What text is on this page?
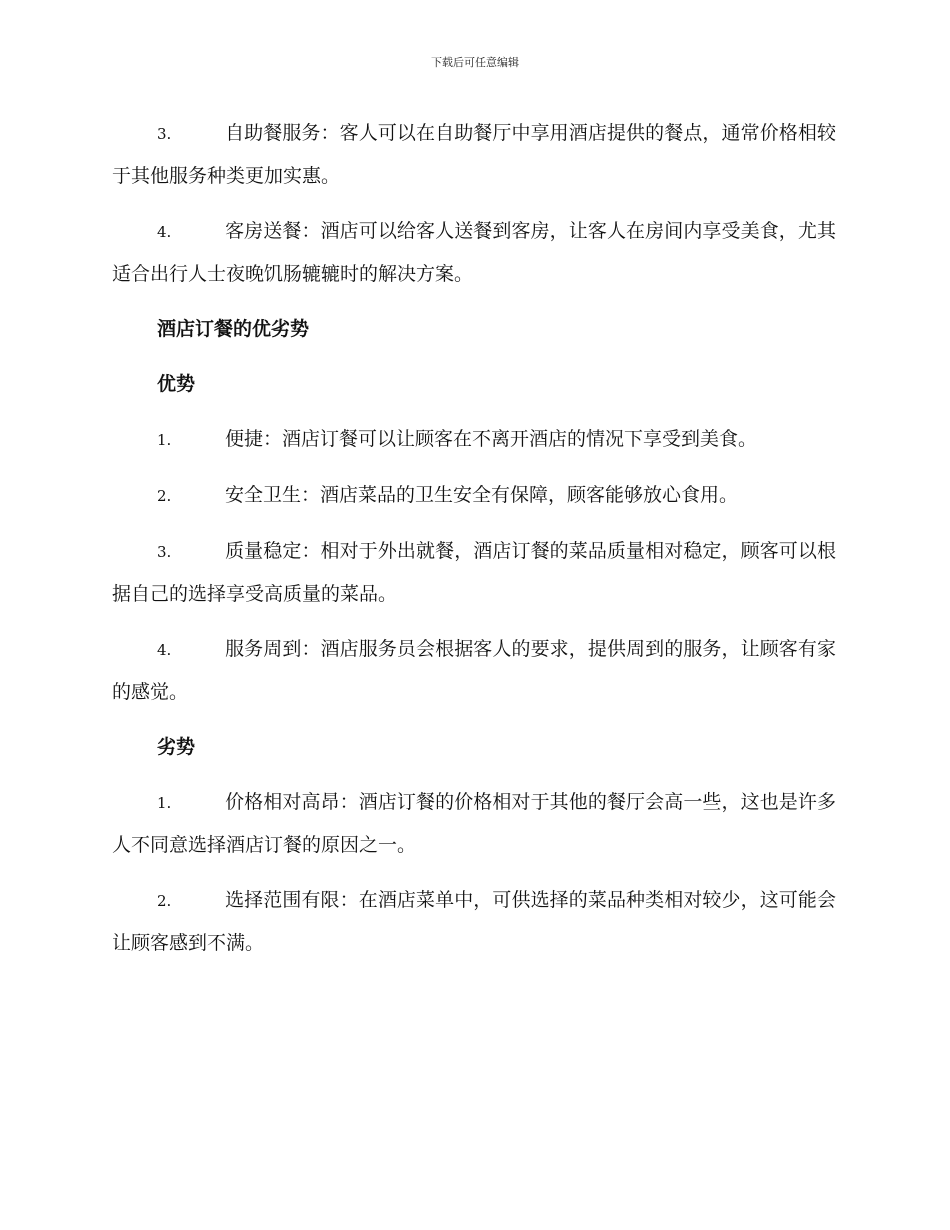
下载后可任意编辑

3.	自助餐服务：客人可以在自助餐厅中享用酒店提供的餐点，通常价格相较于其他服务种类更加实惠。

4.	客房送餐：酒店可以给客人送餐到客房，让客人在房间内享受美食，尤其适合出行人士夜晚饥肠辘辘时的解决方案。

酒店订餐的优劣势

优势

1.	便捷：酒店订餐可以让顾客在不离开酒店的情况下享受到美食。

2.	安全卫生：酒店菜品的卫生安全有保障，顾客能够放心食用。

3.	质量稳定：相对于外出就餐，酒店订餐的菜品质量相对稳定，顾客可以根据自己的选择享受高质量的菜品。

4.	服务周到：酒店服务员会根据客人的要求，提供周到的服务，让顾客有家的感觉。

劣势

1.	价格相对高昂：酒店订餐的价格相对于其他的餐厅会高一些，这也是许多人不同意选择酒店订餐的原因之一。

2.	选择范围有限：在酒店菜单中，可供选择的菜品种类相对较少，这可能会让顾客感到不满。
